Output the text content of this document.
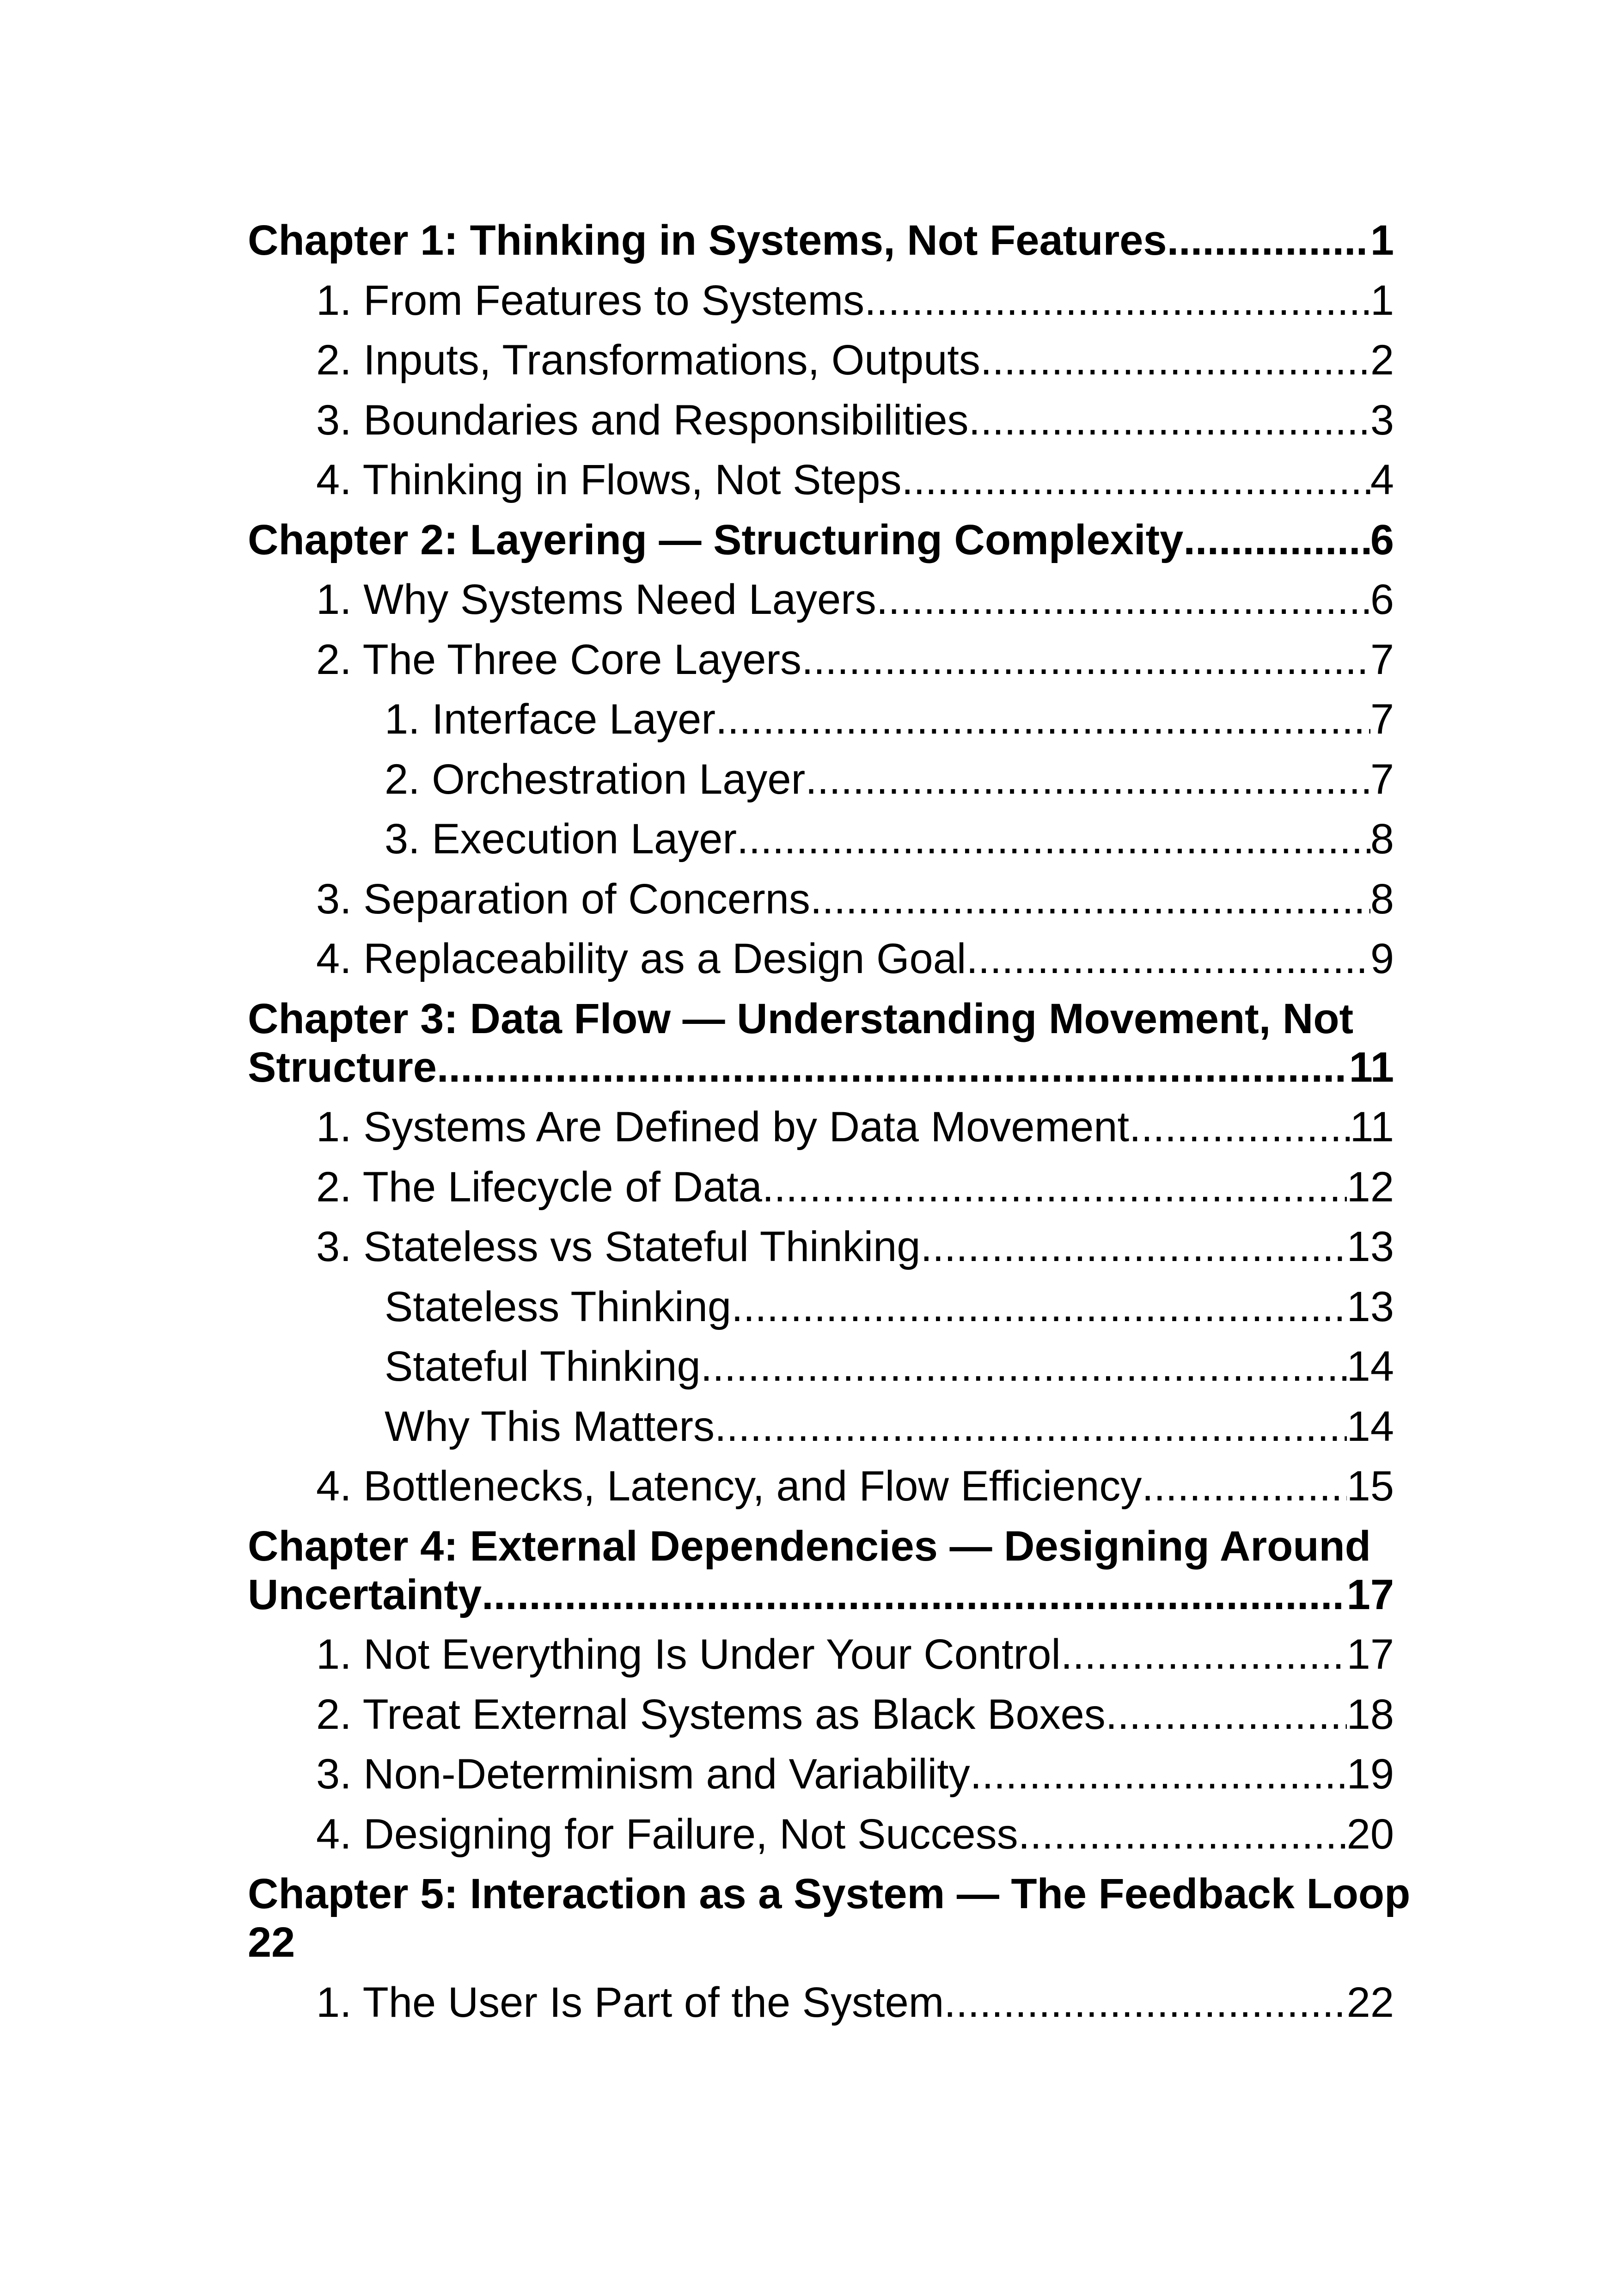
Chapter 1: Thinking in Systems, Not Features .....	1
1. From Features to Systems .....	1
2. Inputs, Transformations, Outputs .....	2
3. Boundaries and Responsibilities .....	3
4. Thinking in Flows, Not Steps .....	4
Chapter 2: Layering — Structuring Complexity .....	6
1. Why Systems Need Layers .....	6
2. The Three Core Layers .....	7
1. Interface Layer .....	7
2. Orchestration Layer .....	7
3. Execution Layer .....	8
3. Separation of Concerns .....	8
4. Replaceability as a Design Goal .....	9
Chapter 3: Data Flow — Understanding Movement, Not
Structure .....	11
1. Systems Are Defined by Data Movement .....	11
2. The Lifecycle of Data .....	12
3. Stateless vs Stateful Thinking .....	13
Stateless Thinking .....	13
Stateful Thinking .....	14
Why This Matters .....	14
4. Bottlenecks, Latency, and Flow Efficiency .....	15
Chapter 4: External Dependencies — Designing Around
Uncertainty .....	17
1. Not Everything Is Under Your Control .....	17
2. Treat External Systems as Black Boxes .....	18
3. Non-Determinism and Variability .....	19
4. Designing for Failure, Not Success .....	20
Chapter 5: Interaction as a System — The Feedback Loop
22
1. The User Is Part of the System .....	22
